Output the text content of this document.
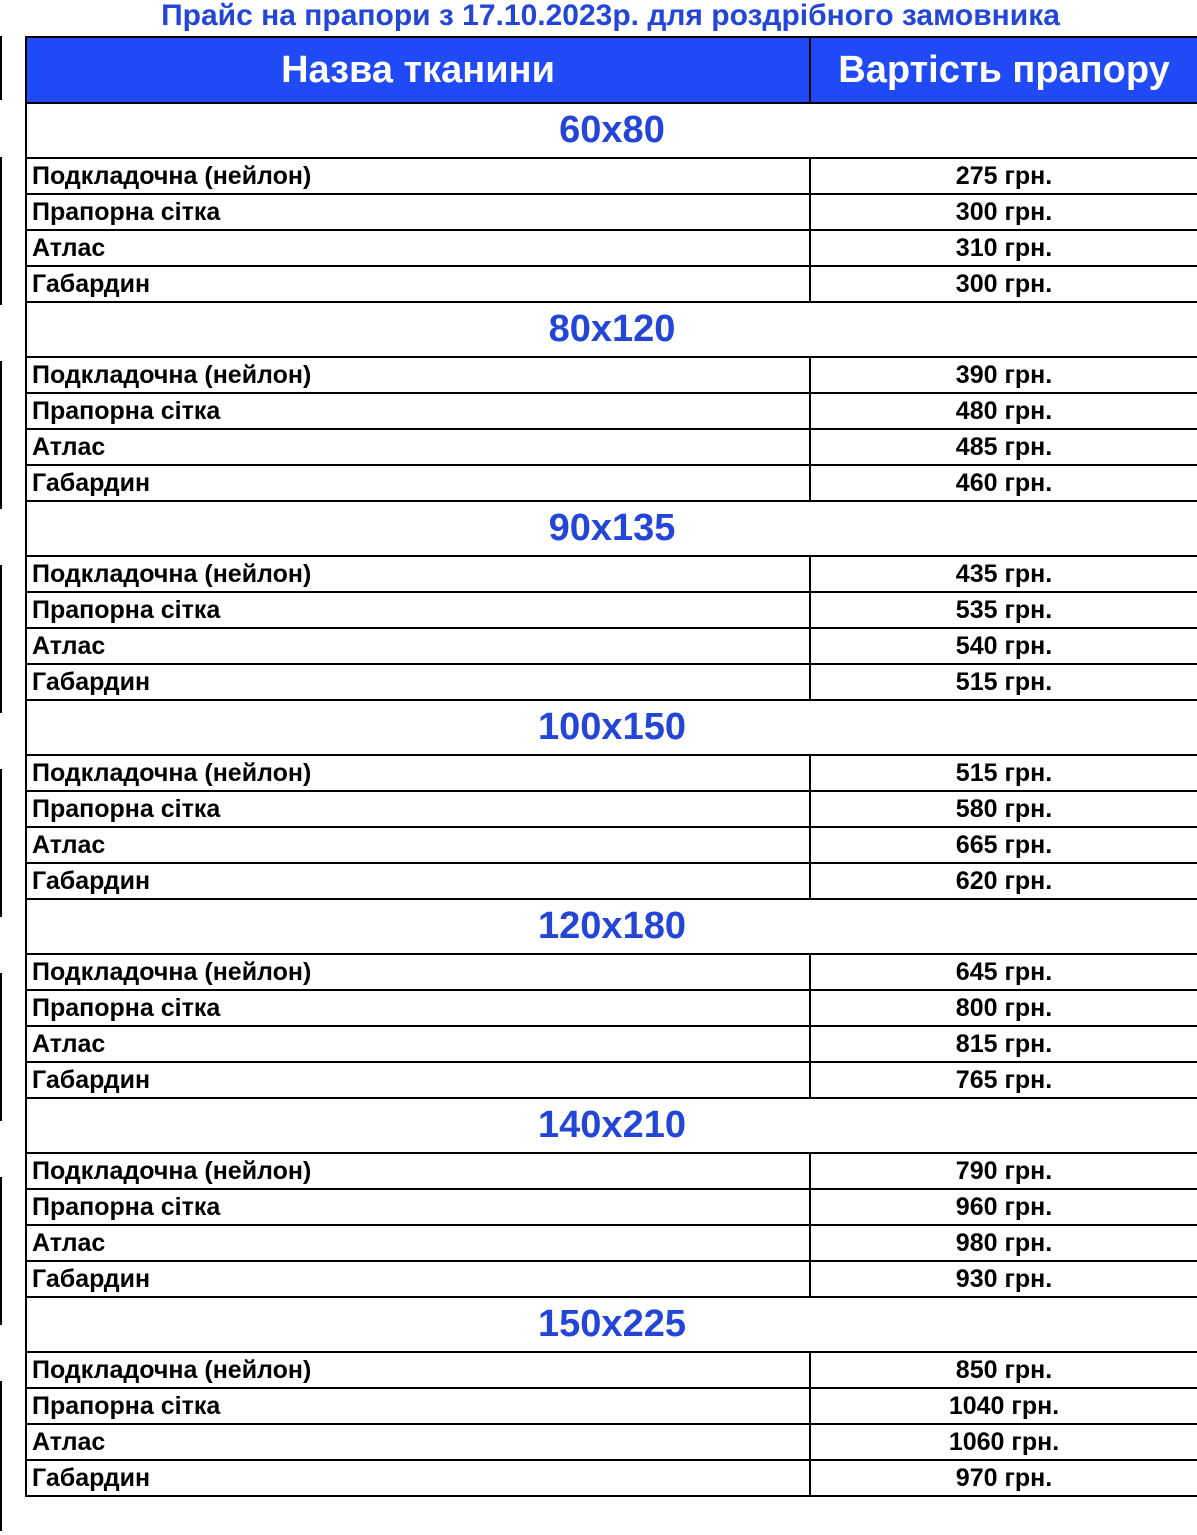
Прайс на прапори з 17.10.2023р. для роздрібного замовника
Назва тканини	Вартість прапору
60х80	
Подкладочна (нейлон)	275 грн.
Прапорна сітка	300 грн.
Атлас	310 грн.
Габардин	300 грн.
80х120	
Подкладочна (нейлон)	390 грн.
Прапорна сітка	480 грн.
Атлас	485 грн.
Габардин	460 грн.
90х135	
Подкладочна (нейлон)	435 грн.
Прапорна сітка	535 грн.
Атлас	540 грн.
Габардин	515 грн.
100х150	
Подкладочна (нейлон)	515 грн.
Прапорна сітка	580 грн.
Атлас	665 грн.
Габардин	620 грн.
120х180	
Подкладочна (нейлон)	645 грн.
Прапорна сітка	800 грн.
Атлас	815 грн.
Габардин	765 грн.
140х210	
Подкладочна (нейлон)	790 грн.
Прапорна сітка	960 грн.
Атлас	980 грн.
Габардин	930 грн.
150х225	
Подкладочна (нейлон)	850 грн.
Прапорна сітка	1040 грн.
Атлас	1060 грн.
Габардин	970 грн.
